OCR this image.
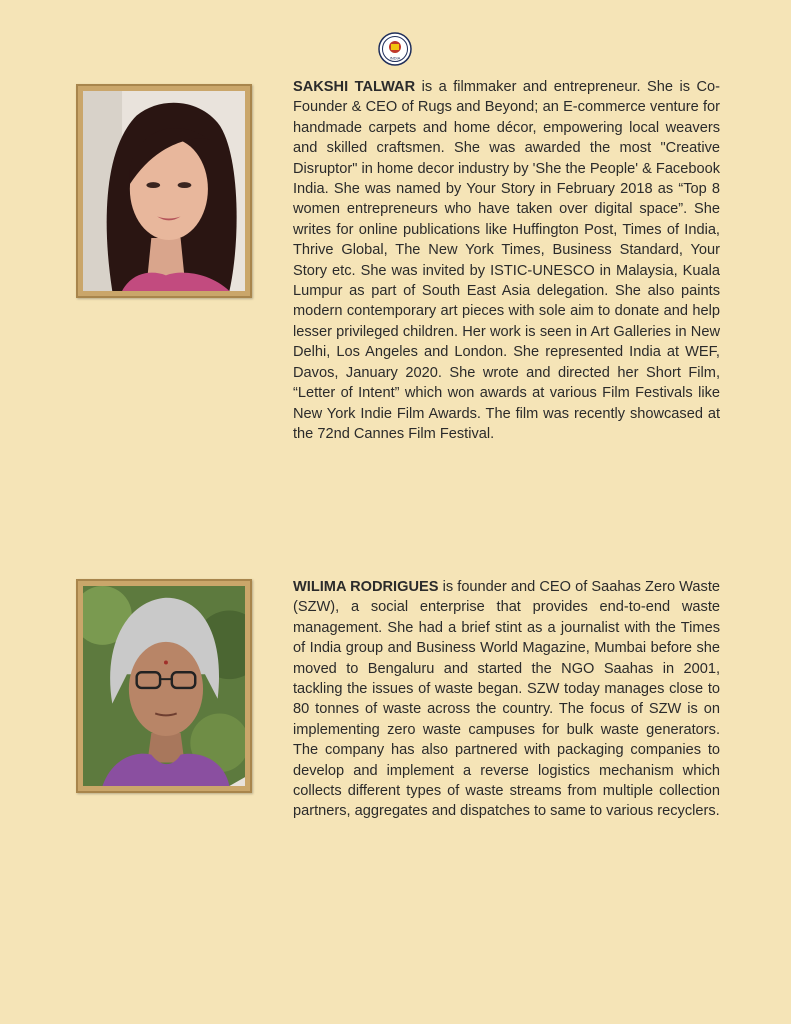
INDIA

SAKSHI TALWAR is a filmmaker and entrepreneur. She is Co-Founder & CEO of Rugs and Beyond; an E-commerce venture for handmade carpets and home décor, empowering local weavers and skilled craftsmen. She was awarded the most "Creative Disruptor" in home decor industry by 'She the People' & Facebook India. She was named by Your Story in February 2018 as “Top 8 women entrepreneurs who have taken over digital space”. She writes for online publications like Huffington Post, Times of India, Thrive Global, The New York Times, Business Standard, Your Story etc. She was invited by ISTIC-UNESCO in Malaysia, Kuala Lumpur as part of South East Asia delegation. She also paints modern contemporary art pieces with sole aim to donate and help lesser privileged children. Her work is seen in Art Galleries in New Delhi, Los Angeles and London. She represented India at WEF, Davos, January 2020. She wrote and directed her Short Film, “Letter of Intent” which won awards at various Film Festivals like New York Indie Film Awards. The film was recently showcased at the 72nd Cannes Film Festival.

WILIMA RODRIGUES is founder and CEO of Saahas Zero Waste (SZW), a social enterprise that provides end-to-end waste management. She had a brief stint as a journalist with the Times of India group and Business World Magazine, Mumbai before she moved to Bengaluru and started the NGO Saahas in 2001, tackling the issues of waste began. SZW today manages close to 80 tonnes of waste across the country. The focus of SZW is on implementing zero waste campuses for bulk waste generators. The company has also partnered with packaging companies to develop and implement a reverse logistics mechanism which collects different types of waste streams from multiple collection partners, aggregates and dispatches to same to various recyclers.
